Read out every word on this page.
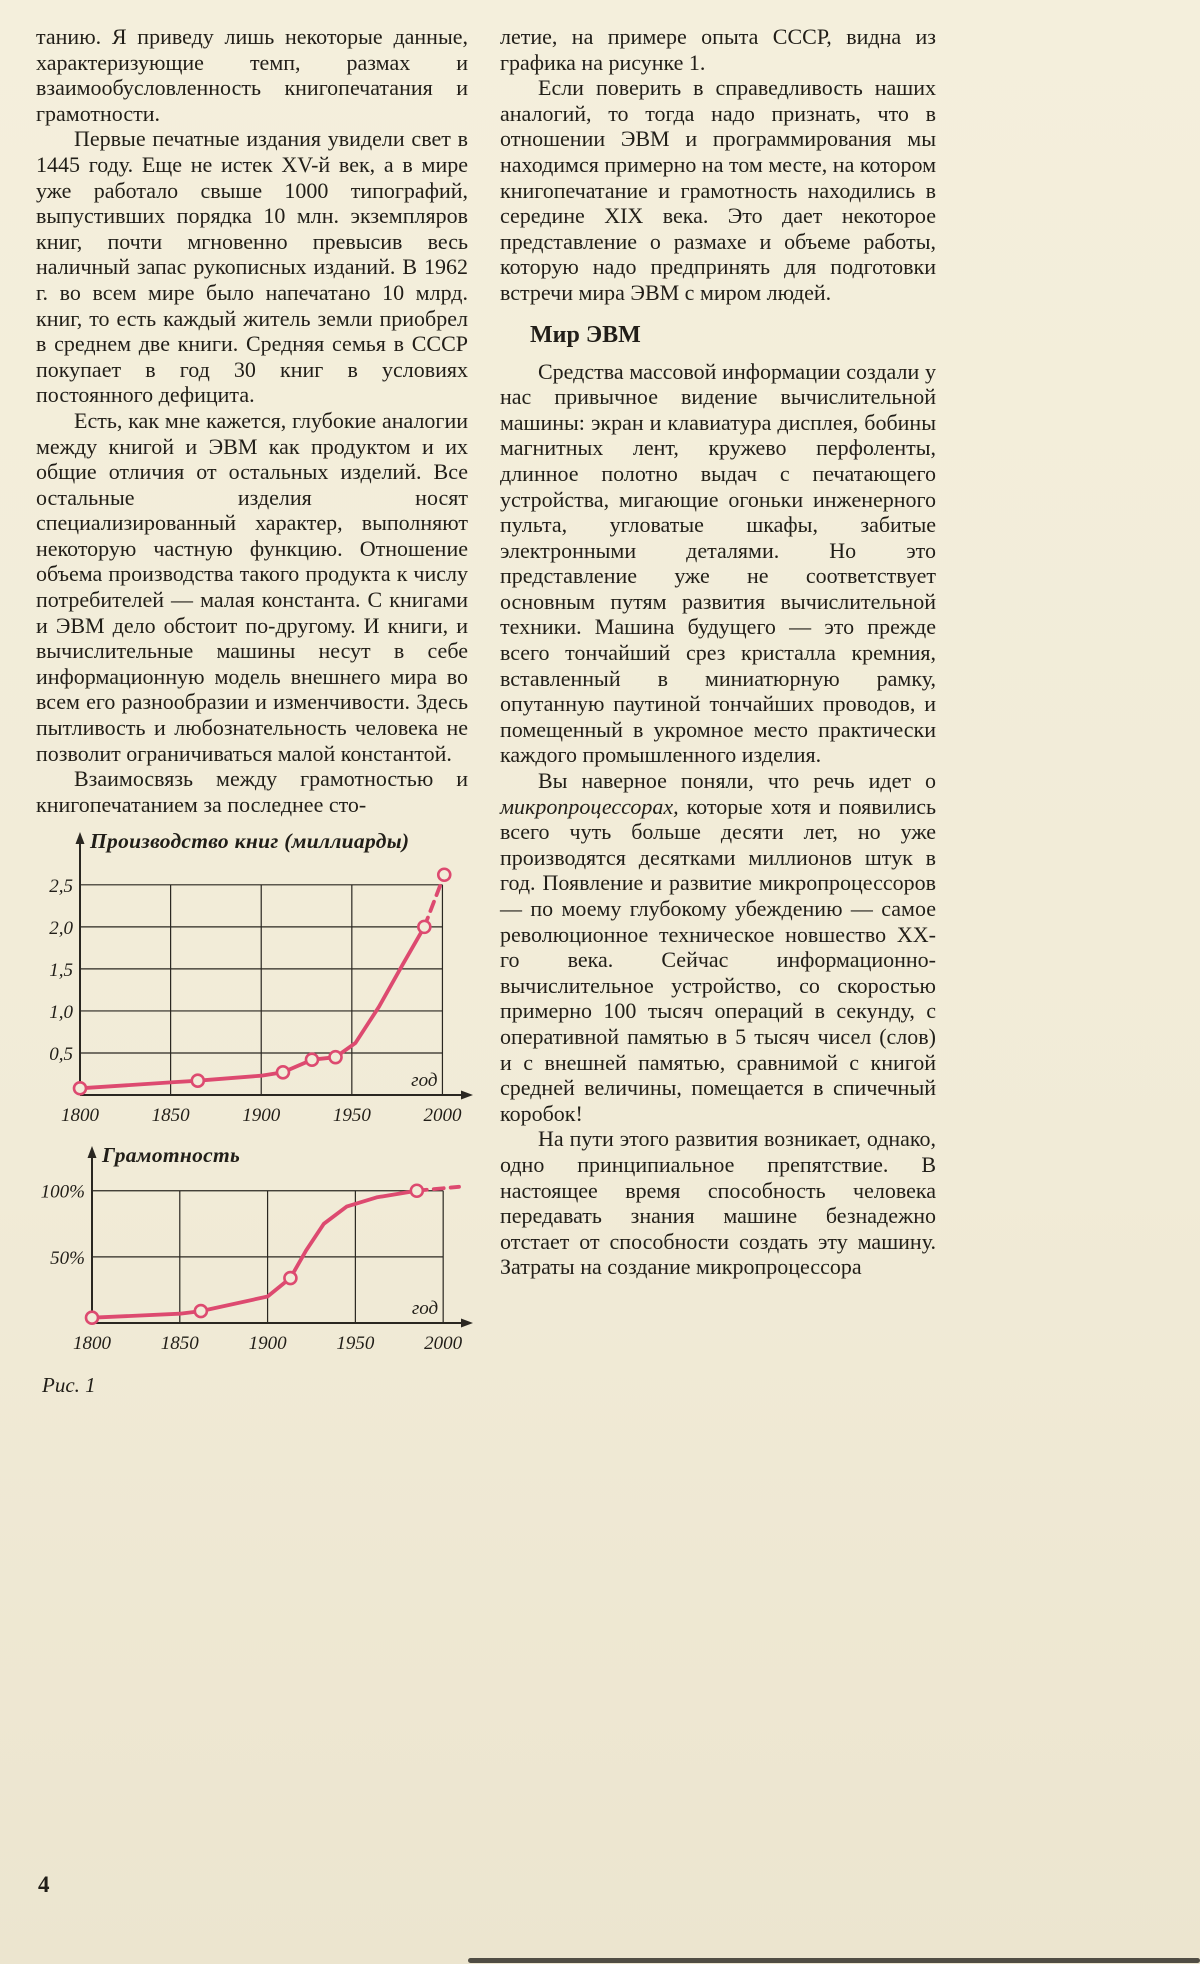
танию. Я приведу лишь некоторые данные, характеризующие темп, размах и взаимообусловленность книгопечатания и грамотности.

Первые печатные издания увидели свет в 1445 году. Еще не истек XV-й век, а в мире уже работало свыше 1000 типографий, выпустивших порядка 10 млн. экземпляров книг, почти мгновенно превысив весь наличный запас рукописных изданий. В 1962 г. во всем мире было напечатано 10 млрд. книг, то есть каждый житель земли приобрел в среднем две книги. Средняя семья в СССР покупает в год 30 книг в условиях постоянного дефицита.

Есть, как мне кажется, глубокие аналогии между книгой и ЭВМ как продуктом и их общие отличия от остальных изделий. Все остальные изделия носят специализированный характер, выполняют некоторую частную функцию. Отношение объема производства такого продукта к числу потребителей — малая константа. С книгами и ЭВМ дело обстоит по-другому. И книги, и вычислительные машины несут в себе информационную модель внешнего мира во всем его разнообразии и изменчивости. Здесь пытливость и любознательность человека не позволит ограничиваться малой константой.

Взаимосвязь между грамотностью и книгопечатанием за последнее сто-

Производство книг (миллиарды)
0,5
1,0
1,5
2,0
2,5
1800	1850	1900	1950	2000
год
Грамотность
100%
50%
1800	1850	1900	1950	2000
год

Рис. 1

летие, на примере опыта СССР, видна из графика на рисунке 1.

Если поверить в справедливость наших аналогий, то тогда надо признать, что в отношении ЭВМ и программирования мы находимся примерно на том месте, на котором книгопечатание и грамотность находились в середине XIX века. Это дает некоторое представление о размахе и объеме работы, которую надо предпринять для подготовки встречи мира ЭВМ с миром людей.

Мир ЭВМ

Средства массовой информации создали у нас привычное видение вычислительной машины: экран и клавиатура дисплея, бобины магнитных лент, кружево перфоленты, длинное полотно выдач с печатающего устройства, мигающие огоньки инженерного пульта, угловатые шкафы, забитые электронными деталями. Но это представление уже не соответствует основным путям развития вычислительной техники. Машина будущего — это прежде всего тончайший срез кристалла кремния, вставленный в миниатюрную рамку, опутанную паутиной тончайших проводов, и помещенный в укромное место практически каждого промышленного изделия.

Вы наверное поняли, что речь идет о микропроцессорах, которые хотя и появились всего чуть больше десяти лет, но уже производятся десятками миллионов штук в год. Появление и развитие микропроцессоров — по моему глубокому убеждению — самое революционное техническое новшество XX-го века. Сейчас информационно-вычислительное устройство, со скоростью примерно 100 тысяч операций в секунду, с оперативной памятью в 5 тысяч чисел (слов) и с внешней памятью, сравнимой с книгой средней величины, помещается в спичечный коробок!

На пути этого развития возникает, однако, одно принципиальное препятствие. В настоящее время способность человека передавать знания машине безнадежно отстает от способности создать эту машину. Затраты на создание микропроцессора

4
